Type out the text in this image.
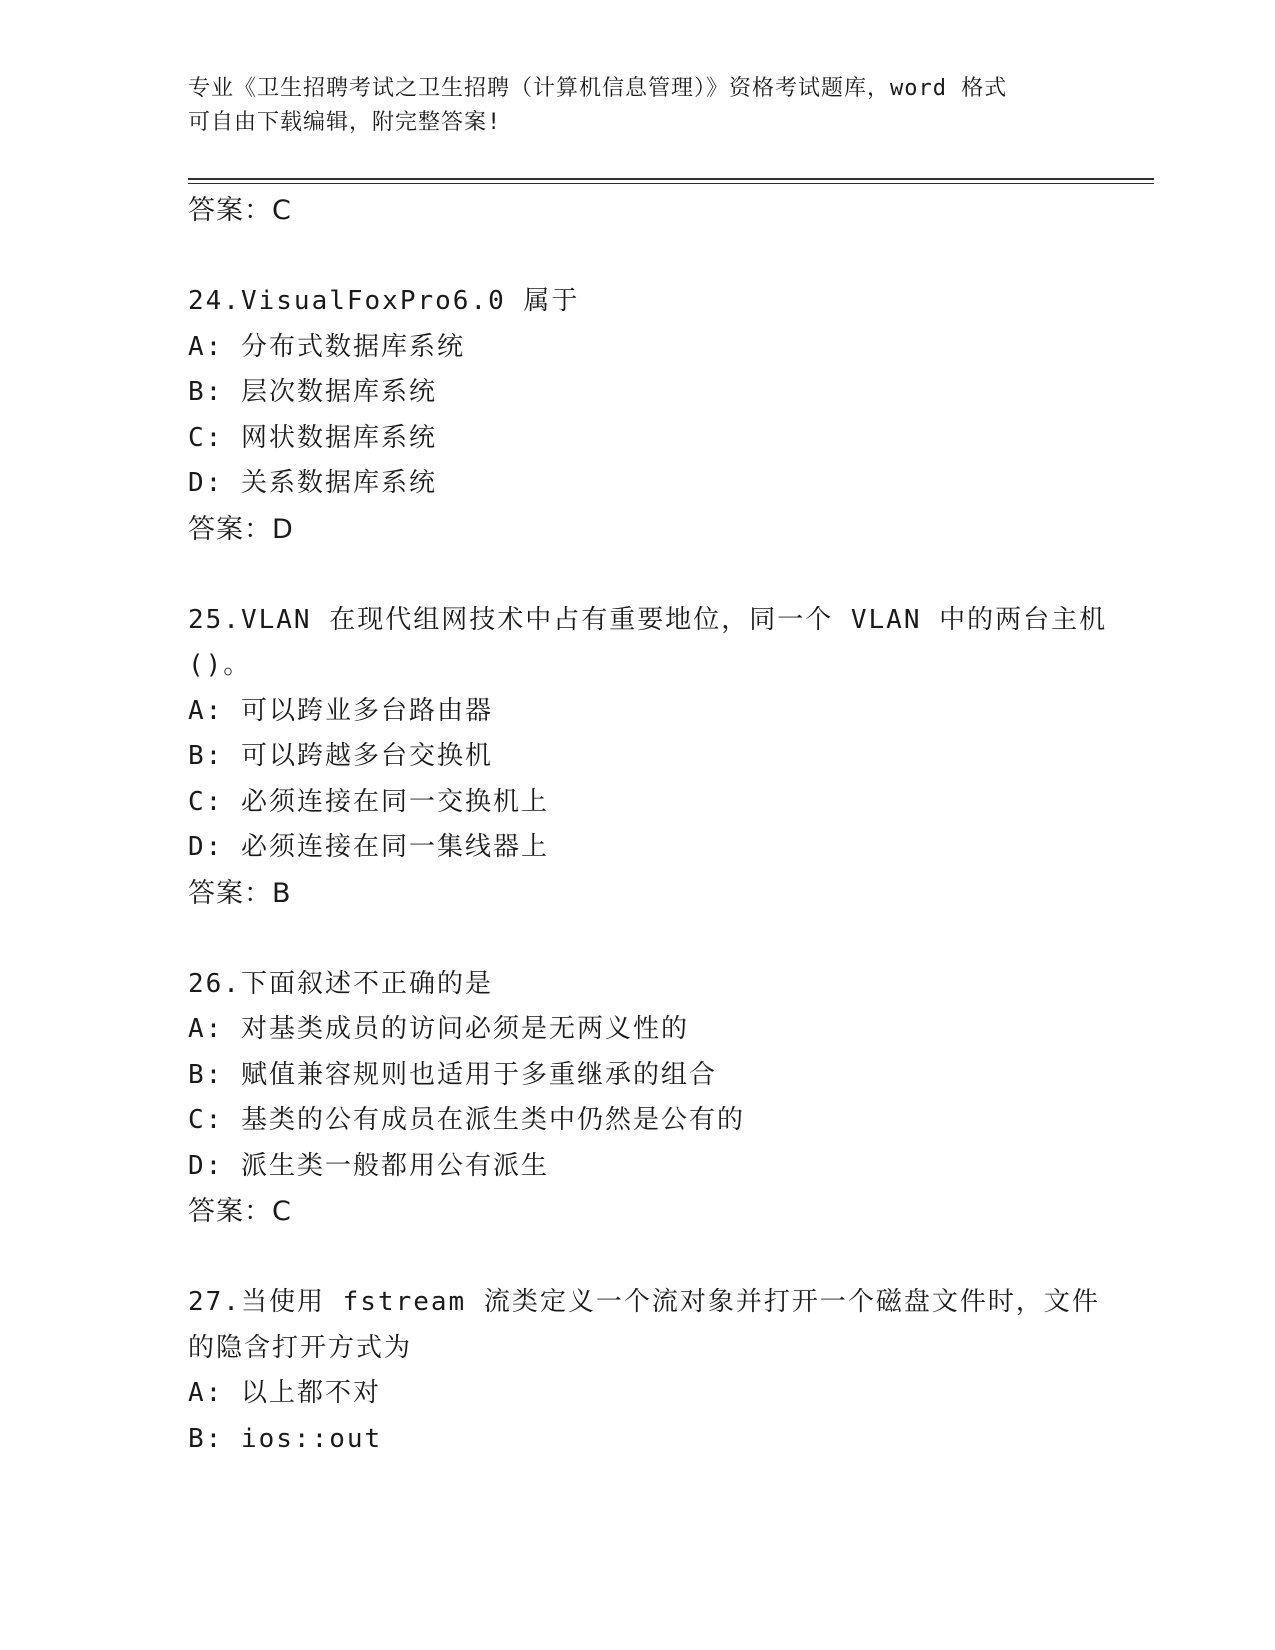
专业《卫生招聘考试之卫生招聘（计算机信息管理）》资格考试题库，word 格式
可自由下载编辑，附完整答案!
答案：C
24.VisualFoxPro6.0 属于
A: 分布式数据库系统
B: 层次数据库系统
C: 网状数据库系统
D: 关系数据库系统
答案：D
25.VLAN 在现代组网技术中占有重要地位，同一个 VLAN 中的两台主机
()。
A: 可以跨业多台路由器
B: 可以跨越多台交换机
C: 必须连接在同一交换机上
D: 必须连接在同一集线器上
答案：B
26.下面叙述不正确的是
A: 对基类成员的访问必须是无两义性的
B: 赋值兼容规则也适用于多重继承的组合
C: 基类的公有成员在派生类中仍然是公有的
D: 派生类一般都用公有派生
答案：C
27.当使用 fstream 流类定义一个流对象并打开一个磁盘文件时，文件
的隐含打开方式为
A: 以上都不对
B: ios::out
